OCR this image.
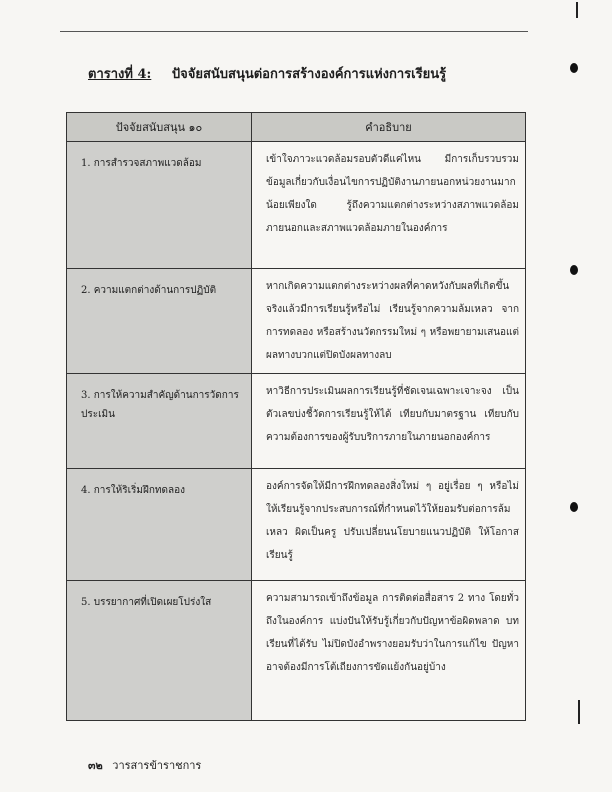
ตารางที่ 4: ปัจจัยสนับสนุนต่อการสร้างองค์การแห่งการเรียนรู้
ปัจจัยสนับสนุน ๑๐	คำอธิบาย
1. การสำรวจสภาพแวดล้อม	เข้าใจภาวะแวดล้อมรอบตัวดีแค่ไหน มีการเก็บรวบรวมข้อมูลเกี่ยวกับเงื่อนไขการปฏิบัติงานภายนอกหน่วยงานมากน้อยเพียงใด รู้ถึงความแตกต่างระหว่างสภาพแวดล้อมภายนอกและสภาพแวดล้อมภายในองค์การ
2. ความแตกต่างด้านการปฏิบัติ	หากเกิดความแตกต่างระหว่างผลที่คาดหวังกับผลที่เกิดขึ้นจริงแล้วมีการเรียนรู้หรือไม่ เรียนรู้จากความล้มเหลว จากการทดลอง หรือสร้างนวัตกรรมใหม่ ๆ หรือพยายามเสนอแต่ผลทางบวกแต่ปิดบังผลทางลบ
3. การให้ความสำคัญด้านการวัดการประเมิน	หาวิธีการประเมินผลการเรียนรู้ที่ชัดเจนเฉพาะเจาะจง เป็นตัวเลขบ่งชี้วัดการเรียนรู้ให้ได้ เทียบกับมาตรฐาน เทียบกับความต้องการของผู้รับบริการภายในภายนอกองค์การ
4. การให้ริเริ่มฝึกทดลอง	องค์การจัดให้มีการฝึกทดลองสิ่งใหม่ ๆ อยู่เรื่อย ๆ หรือไม่ ให้เรียนรู้จากประสบการณ์ที่กำหนดไว้ให้ยอมรับต่อการล้มเหลว ผิดเป็นครู ปรับเปลี่ยนนโยบายแนวปฏิบัติ ให้โอกาสเรียนรู้
5. บรรยากาศที่เปิดเผยโปร่งใส	ความสามารถเข้าถึงข้อมูล การติดต่อสื่อสาร 2 ทาง โดยทั่วถึงในองค์การ แบ่งปันให้รับรู้เกี่ยวกับปัญหาข้อผิดพลาด บทเรียนที่ได้รับ ไม่ปิดบังอำพรางยอมรับว่าในการแก้ไข ปัญหาอาจต้องมีการโต้เถียงการขัดแย้งกันอยู่บ้าง
๓๒ วารสารข้าราชการ
